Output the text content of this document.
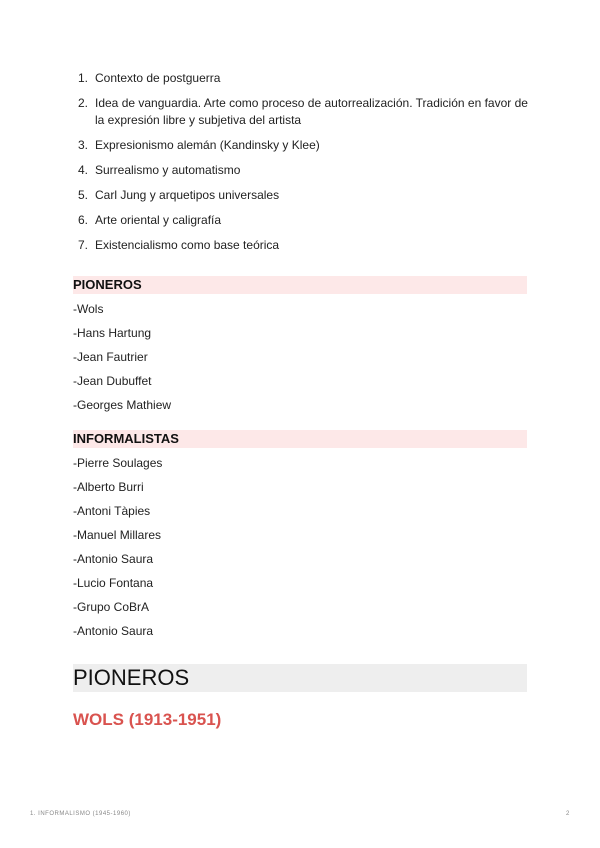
1. Contexto de postguerra
2. Idea de vanguardia. Arte como proceso de autorrealización. Tradición en favor de la expresión libre y subjetiva del artista
3. Expresionismo alemán (Kandinsky y Klee)
4. Surrealismo y automatismo
5. Carl Jung y arquetipos universales
6. Arte oriental y caligrafía
7. Existencialismo como base teórica
PIONEROS
-Wols
-Hans Hartung
-Jean Fautrier
-Jean Dubuffet
-Georges Mathiew
INFORMALISTAS
-Pierre Soulages
-Alberto Burri
-Antoni Tàpies
-Manuel Millares
-Antonio Saura
-Lucio Fontana
-Grupo CoBrA
-Antonio Saura
PIONEROS
WOLS (1913-1951)
1. INFORMALISMO (1945-1960)	2
